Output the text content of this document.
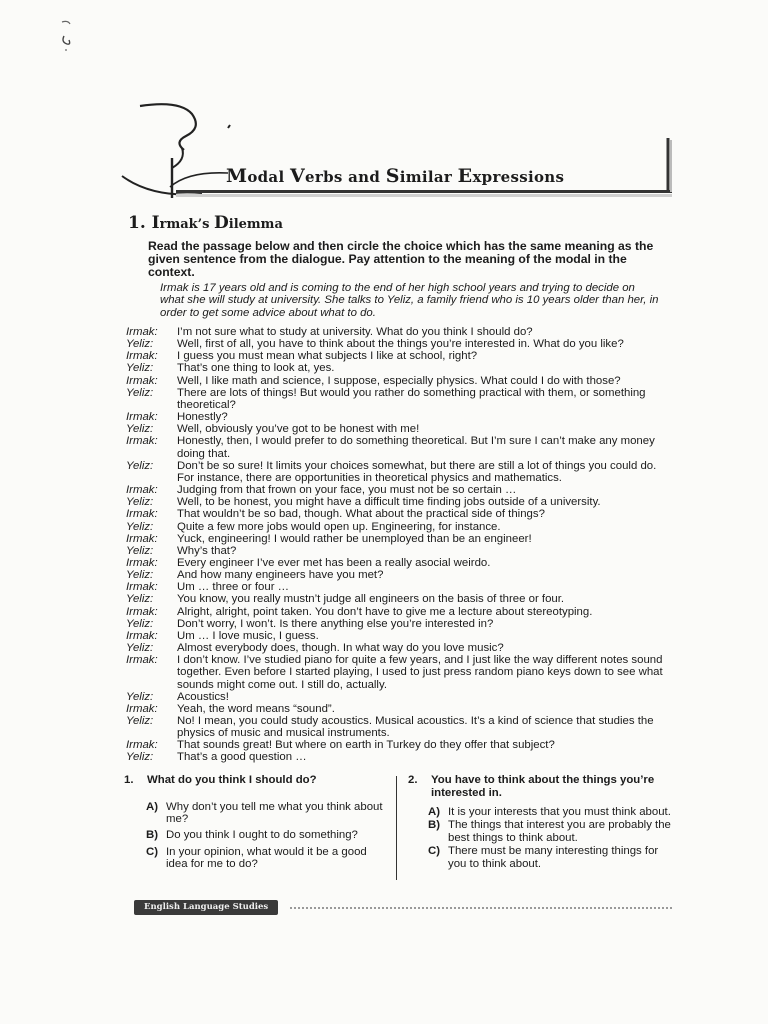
Modal Verbs and Similar Expressions
1. Irmak’s Dilemma
Read the passage below and then circle the choice which has the same meaning as the given sentence from the dialogue. Pay attention to the meaning of the modal in the context.
Irmak is 17 years old and is coming to the end of her high school years and trying to decide on what she will study at university. She talks to Yeliz, a family friend who is 10 years older than her, in order to get some advice about what to do.
Irmak:	I’m not sure what to study at university. What do you think I should do?
Yeliz:	Well, first of all, you have to think about the things you’re interested in. What do you like?
Irmak:	I guess you must mean what subjects I like at school, right?
Yeliz:	That’s one thing to look at, yes.
Irmak:	Well, I like math and science, I suppose, especially physics. What could I do with those?
Yeliz:	There are lots of things! But would you rather do something practical with them, or something theoretical?
Irmak:	Honestly?
Yeliz:	Well, obviously you’ve got to be honest with me!
Irmak:	Honestly, then, I would prefer to do something theoretical. But I’m sure I can’t make any money doing that.
Yeliz:	Don’t be so sure! It limits your choices somewhat, but there are still a lot of things you could do. For instance, there are opportunities in theoretical physics and mathematics.
Irmak:	Judging from that frown on your face, you must not be so certain …
Yeliz:	Well, to be honest, you might have a difficult time finding jobs outside of a university.
Irmak:	That wouldn’t be so bad, though. What about the practical side of things?
Yeliz:	Quite a few more jobs would open up. Engineering, for instance.
Irmak:	Yuck, engineering! I would rather be unemployed than be an engineer!
Yeliz:	Why’s that?
Irmak:	Every engineer I’ve ever met has been a really asocial weirdo.
Yeliz:	And how many engineers have you met?
Irmak:	Um … three or four …
Yeliz:	You know, you really mustn’t judge all engineers on the basis of three or four.
Irmak:	Alright, alright, point taken. You don’t have to give me a lecture about stereotyping.
Yeliz:	Don’t worry, I won’t. Is there anything else you’re interested in?
Irmak:	Um … I love music, I guess.
Yeliz:	Almost everybody does, though. In what way do you love music?
Irmak:	I don’t know. I’ve studied piano for quite a few years, and I just like the way different notes sound together. Even before I started playing, I used to just press random piano keys down to see what sounds might come out. I still do, actually.
Yeliz:	Acoustics!
Irmak:	Yeah, the word means “sound”.
Yeliz:	No! I mean, you could study acoustics. Musical acoustics. It’s a kind of science that studies the physics of music and musical instruments.
Irmak:	That sounds great! But where on earth in Turkey do they offer that subject?
Yeliz:	That’s a good question …
1.	What do you think I should do?
A) Why don’t you tell me what you think about me?
B) Do you think I ought to do something?
C) In your opinion, what would it be a good idea for me to do?
2.	You have to think about the things you’re interested in.
A) It is your interests that you must think about.
B) The things that interest you are probably the best things to think about.
C) There must be many interesting things for you to think about.
English Language Studies
